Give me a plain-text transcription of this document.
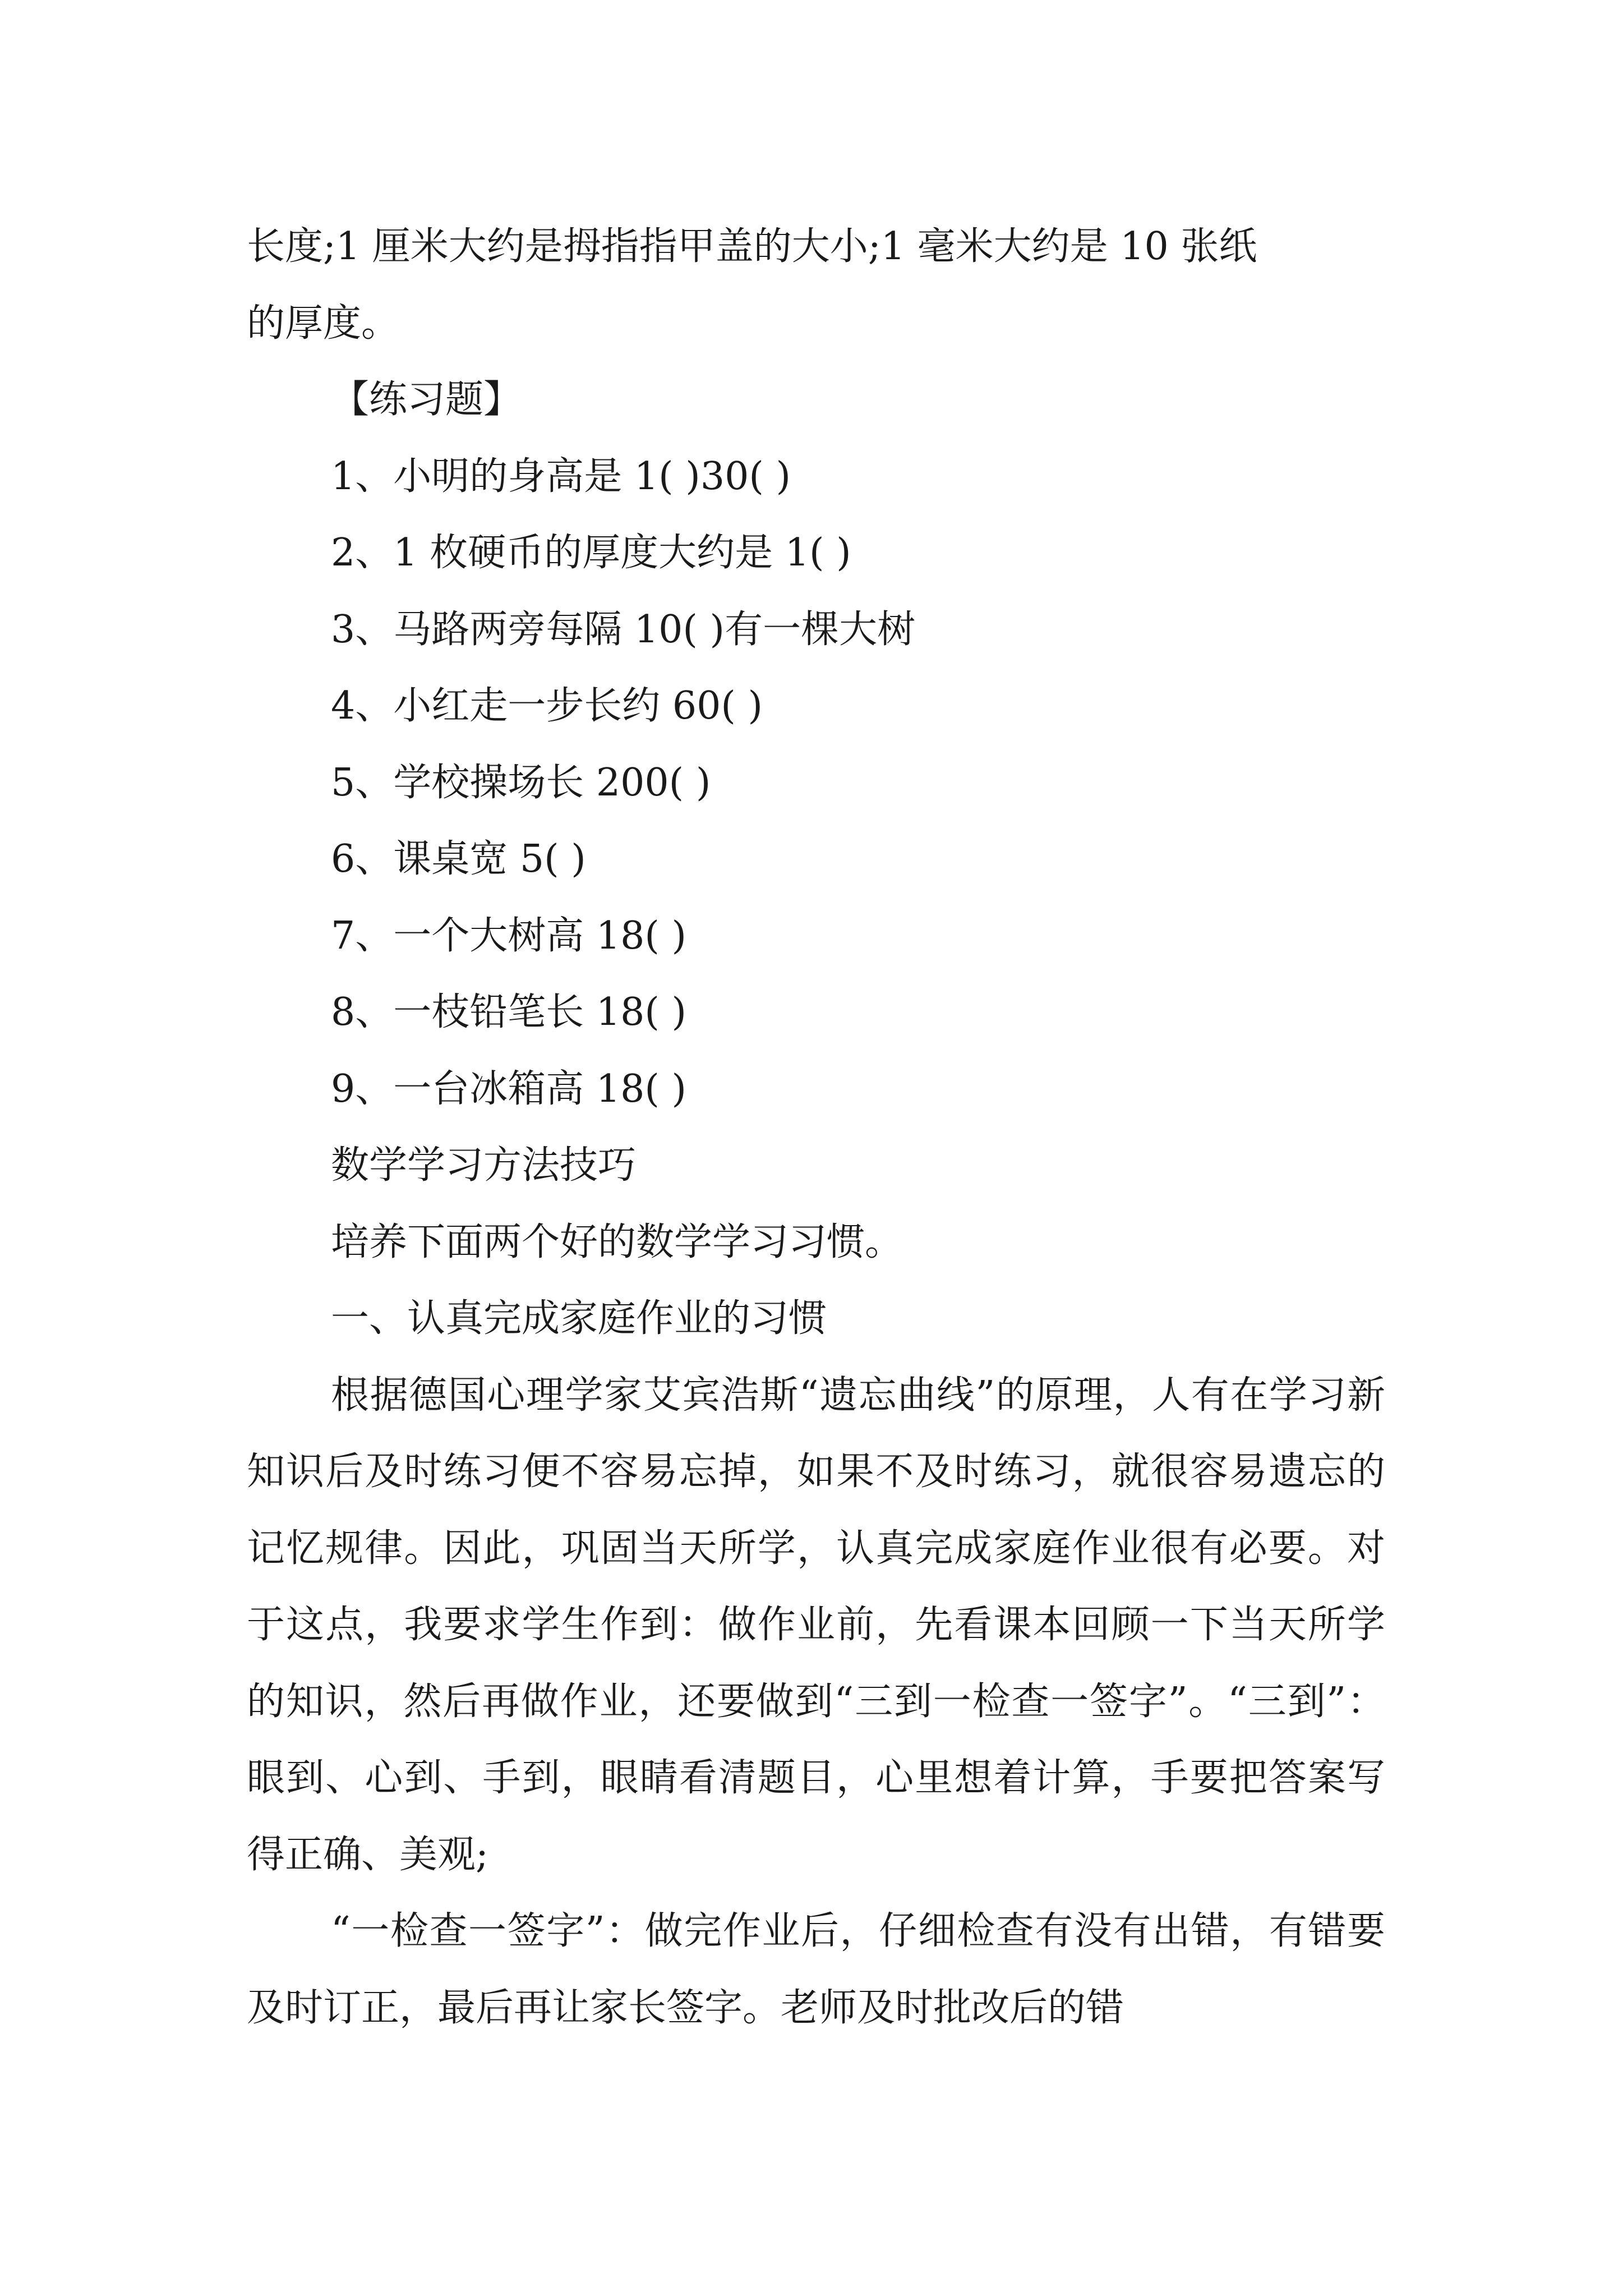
长度;1 厘米大约是拇指指甲盖的大小;1 毫米大约是 10 张纸

的厚度。

【练习题】

1、小明的身高是 1( )30( )

2、1 枚硬币的厚度大约是 1( )

3、马路两旁每隔 10( )有一棵大树

4、小红走一步长约 60( )

5、学校操场长 200( )

6、课桌宽 5( )

7、一个大树高 18( )

8、一枝铅笔长 18( )

9、一台冰箱高 18( )

数学学习方法技巧

培养下面两个好的数学学习习惯。

一、认真完成家庭作业的习惯

根据德国心理学家艾宾浩斯“遗忘曲线”的原理，人有在学习新知识后及时练习便不容易忘掉，如果不及时练习，就很容易遗忘的记忆规律。因此，巩固当天所学，认真完成家庭作业很有必要。对于这点，我要求学生作到：做作业前，先看课本回顾一下当天所学的知识，然后再做作业，还要做到“三到一检查一签字”。“三到”：眼到、心到、手到，眼睛看清题目，心里想着计算，手要把答案写得正确、美观;

“一检查一签字”：做完作业后，仔细检查有没有出错，有错要及时订正，最后再让家长签字。老师及时批改后的错
